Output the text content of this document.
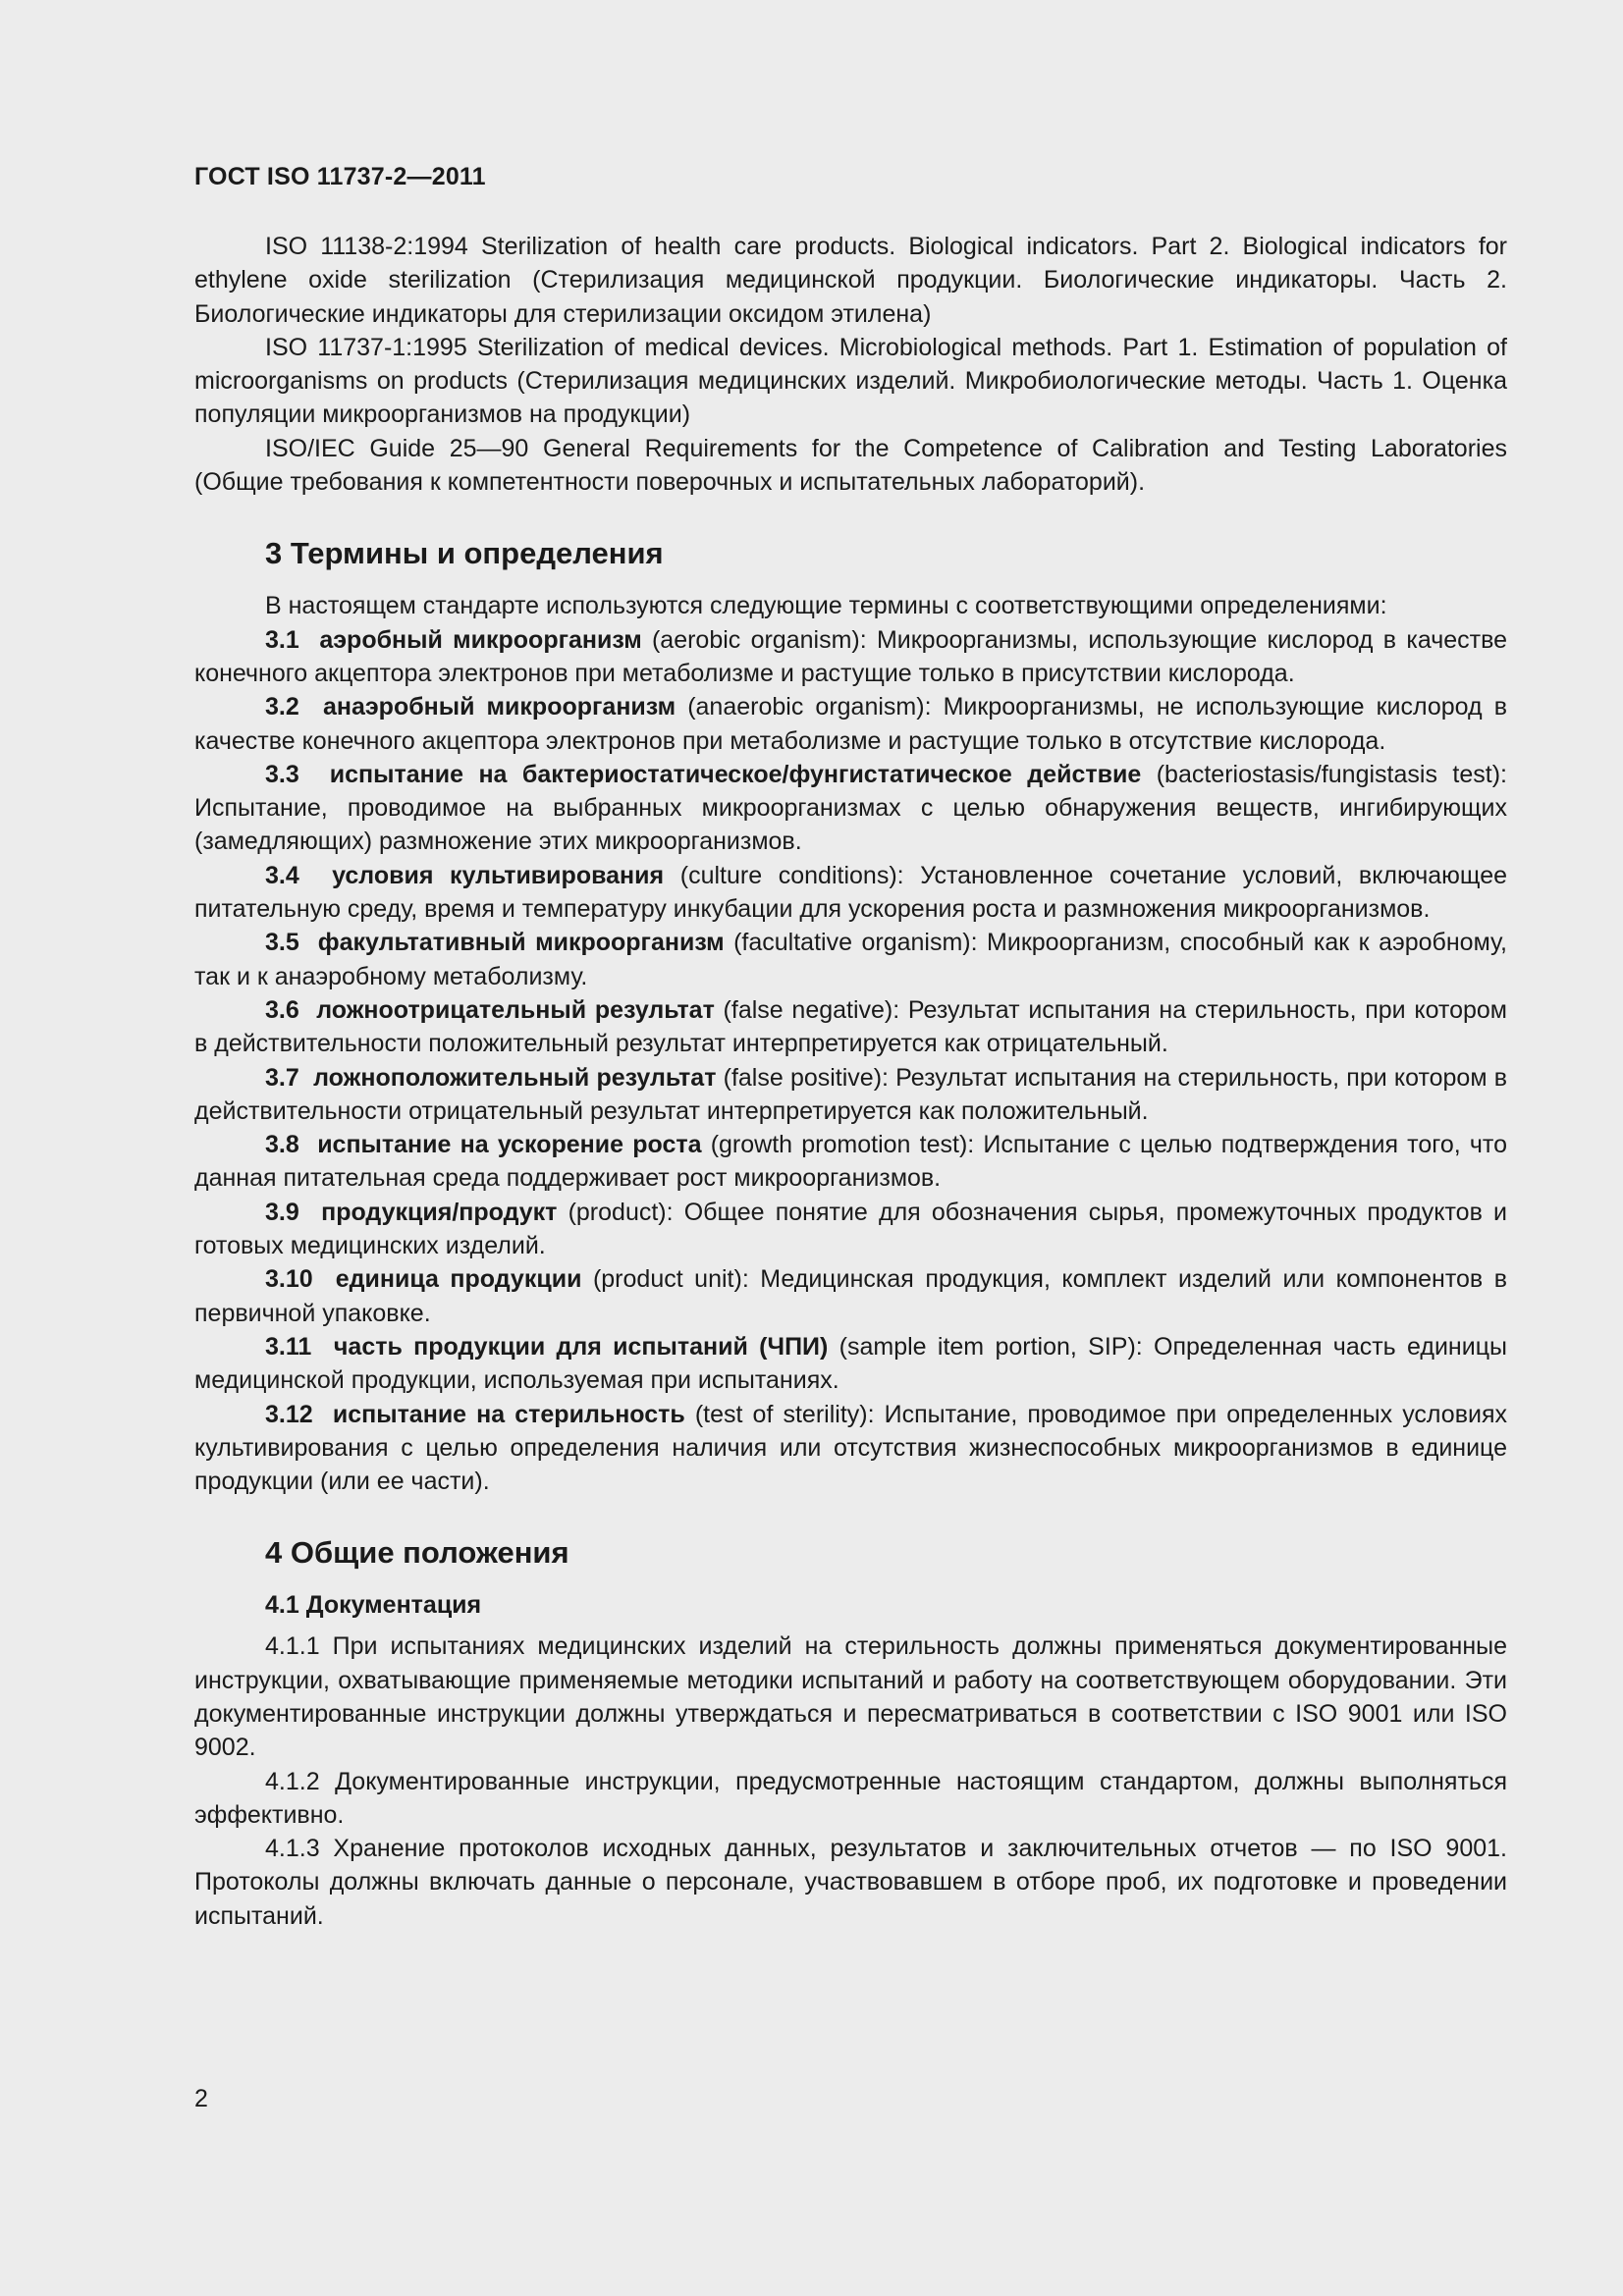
ГОСТ ISO 11737-2—2011

ISO 11138-2:1994 Sterilization of health care products. Biological indicators. Part 2. Biological indicators for ethylene oxide sterilization (Стерилизация медицинской продукции. Биологические индикаторы. Часть 2. Биологические индикаторы для стерилизации оксидом этилена)

ISO 11737-1:1995 Sterilization of medical devices. Microbiological methods. Part 1. Estimation of population of microorganisms on products (Стерилизация медицинских изделий. Микробиологические методы. Часть 1. Оценка популяции микроорганизмов на продукции)

ISO/IEC Guide 25—90 General Requirements for the Competence of Calibration and Testing Laboratories (Общие требования к компетентности поверочных и испытательных лабораторий).

3 Термины и определения

В настоящем стандарте используются следующие термины с соответствующими определениями:

3.1 аэробный микроорганизм (aerobic organism): Микроорганизмы, использующие кислород в качестве конечного акцептора электронов при метаболизме и растущие только в присутствии кислорода.

3.2 анаэробный микроорганизм (anaerobic organism): Микроорганизмы, не использующие кислород в качестве конечного акцептора электронов при метаболизме и растущие только в отсутствие кислорода.

3.3 испытание на бактериостатическое/фунгистатическое действие (bacteriostasis/fungistasis test): Испытание, проводимое на выбранных микроорганизмах с целью обнаружения веществ, ингибирующих (замедляющих) размножение этих микроорганизмов.

3.4 условия культивирования (culture conditions): Установленное сочетание условий, включающее питательную среду, время и температуру инкубации для ускорения роста и размножения микроорганизмов.

3.5 факультативный микроорганизм (facultative organism): Микроорганизм, способный как к аэробному, так и к анаэробному метаболизму.

3.6 ложноотрицательный результат (false negative): Результат испытания на стерильность, при котором в действительности положительный результат интерпретируется как отрицательный.

3.7 ложноположительный результат (false positive): Результат испытания на стерильность, при котором в действительности отрицательный результат интерпретируется как положительный.

3.8 испытание на ускорение роста (growth promotion test): Испытание с целью подтверждения того, что данная питательная среда поддерживает рост микроорганизмов.

3.9 продукция/продукт (product): Общее понятие для обозначения сырья, промежуточных продуктов и готовых медицинских изделий.

3.10 единица продукции (product unit): Медицинская продукция, комплект изделий или компонентов в первичной упаковке.

3.11 часть продукции для испытаний (ЧПИ) (sample item portion, SIP): Определенная часть единицы медицинской продукции, используемая при испытаниях.

3.12 испытание на стерильность (test of sterility): Испытание, проводимое при определенных условиях культивирования с целью определения наличия или отсутствия жизнеспособных микроорганизмов в единице продукции (или ее части).

4 Общие положения
4.1 Документация

4.1.1 При испытаниях медицинских изделий на стерильность должны применяться документированные инструкции, охватывающие применяемые методики испытаний и работу на соответствующем оборудовании. Эти документированные инструкции должны утверждаться и пересматриваться в соответствии с ISO 9001 или ISO 9002.

4.1.2 Документированные инструкции, предусмотренные настоящим стандартом, должны выполняться эффективно.

4.1.3 Хранение протоколов исходных данных, результатов и заключительных отчетов — по ISO 9001. Протоколы должны включать данные о персонале, участвовавшем в отборе проб, их подготовке и проведении испытаний.

2
